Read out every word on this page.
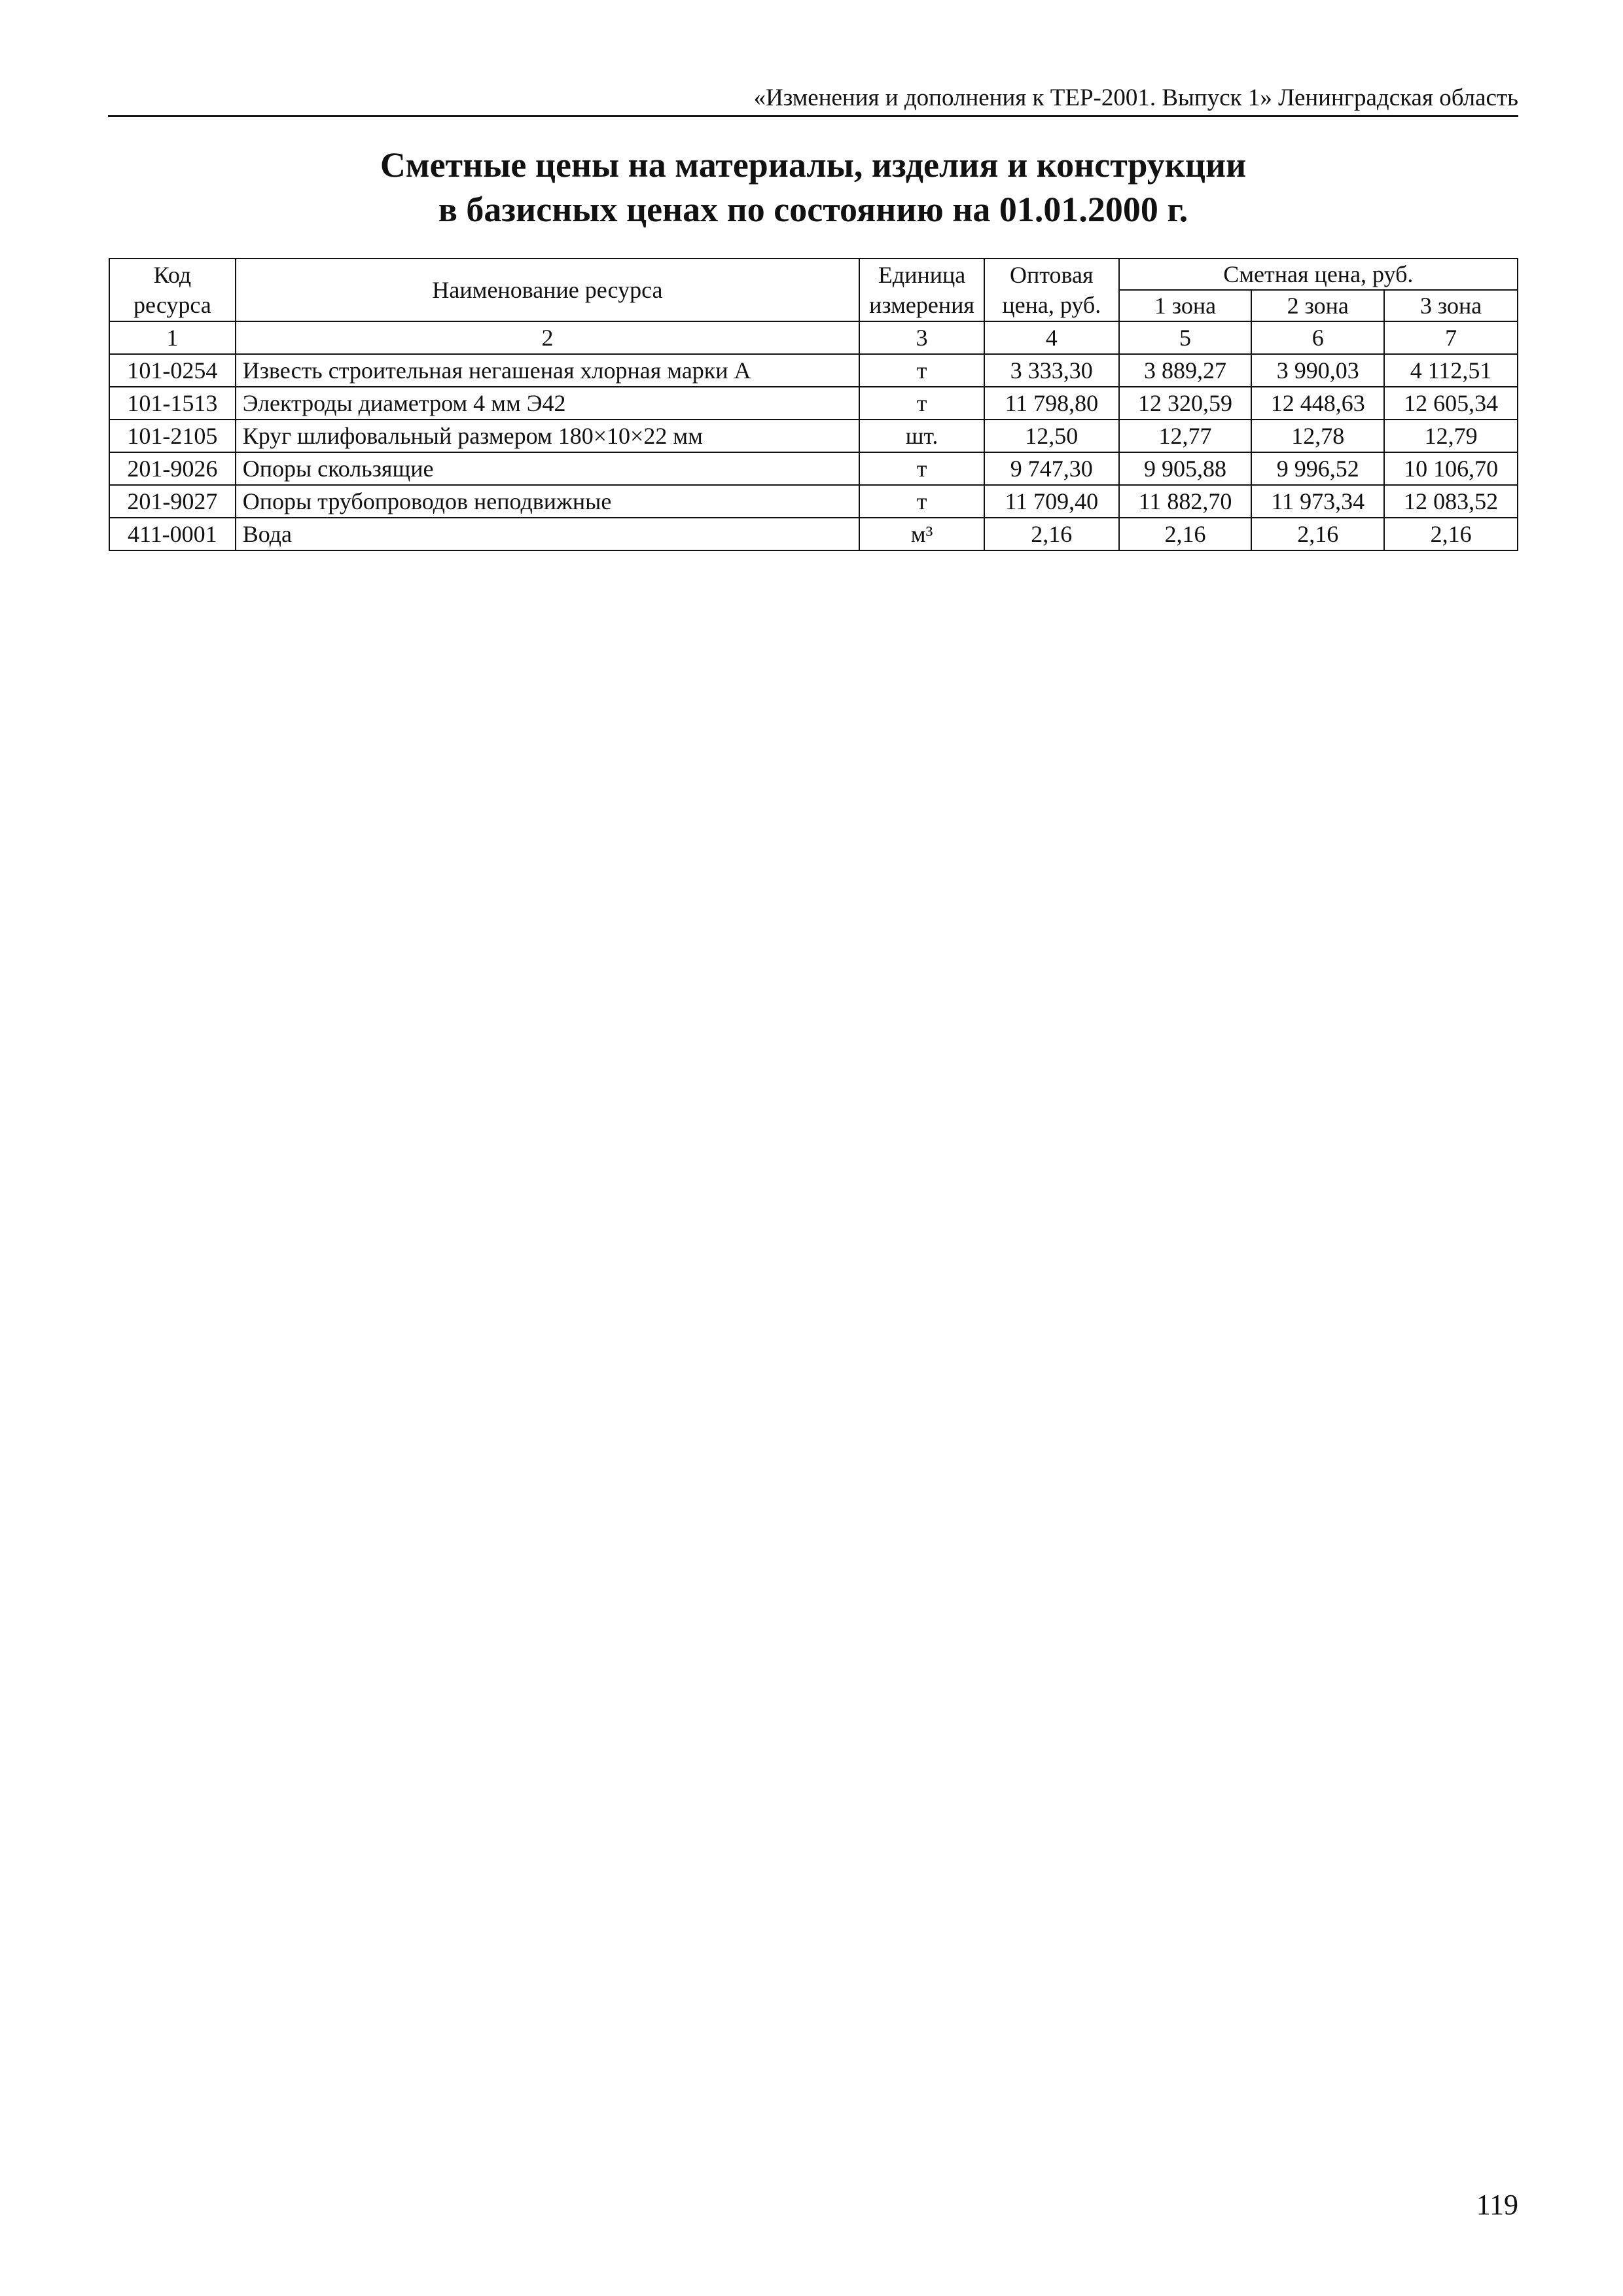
«Изменения и дополнения к ТЕР-2001. Выпуск 1» Ленинградская область
Сметные цены на материалы, изделия и конструкции
в базисных ценах по состоянию на 01.01.2000 г.
Код ресурса	Наименование ресурса	Единица измерения	Оптовая цена, руб.	Сметная цена, руб.		
				1 зона	2 зона	3 зона
1	2	3	4	5	6	7
101-0254	Известь строительная негашеная хлорная марки А	т	3 333,30	3 889,27	3 990,03	4 112,51
101-1513	Электроды диаметром 4 мм Э42	т	11 798,80	12 320,59	12 448,63	12 605,34
101-2105	Круг шлифовальный размером 180×10×22 мм	шт.	12,50	12,77	12,78	12,79
201-9026	Опоры скользящие	т	9 747,30	9 905,88	9 996,52	10 106,70
201-9027	Опоры трубопроводов неподвижные	т	11 709,40	11 882,70	11 973,34	12 083,52
411-0001	Вода	м³	2,16	2,16	2,16	2,16
119
